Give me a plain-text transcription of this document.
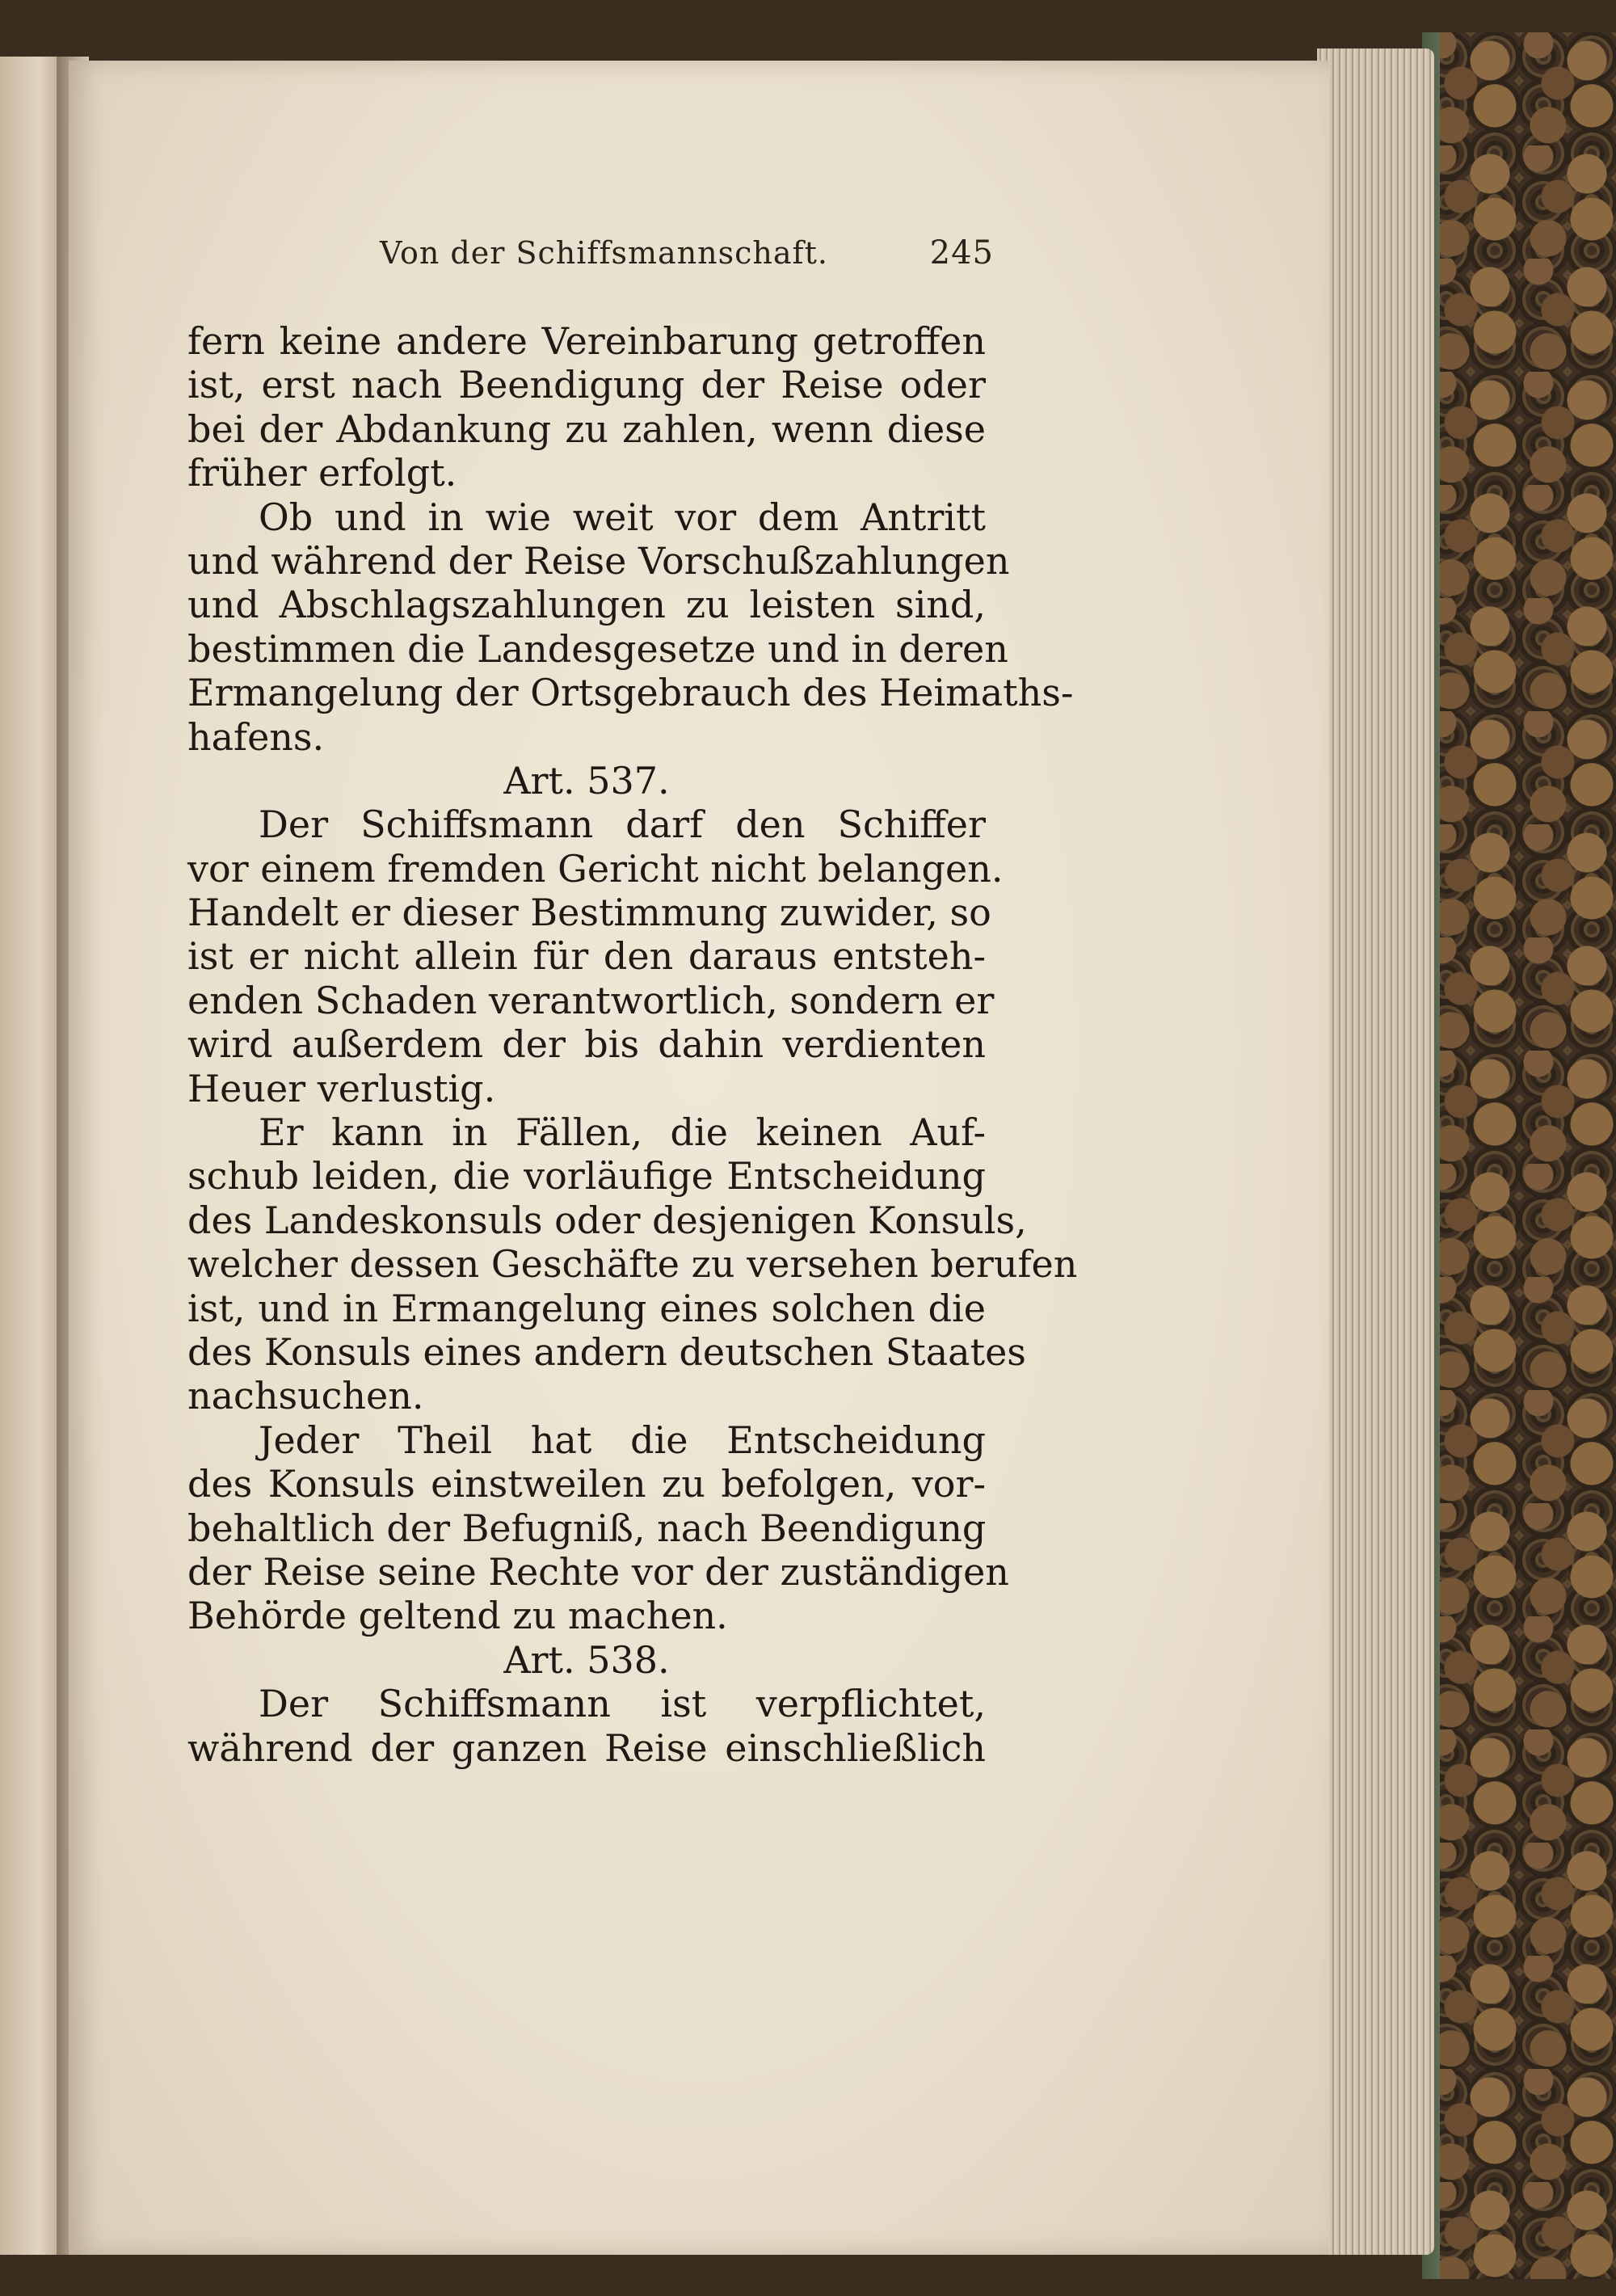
Von der Schiffsmannschaft.	245
fern keine andere Vereinbarung getroffen
ist, erst nach Beendigung der Reise oder
bei der Abdankung zu zahlen, wenn diese
früher erfolgt.
Ob und in wie weit vor dem Antritt
und während der Reise Vorschußzahlungen
und Abschlagszahlungen zu leisten sind,
bestimmen die Landesgesetze und in deren
Ermangelung der Ortsgebrauch des Heimaths-
hafens.
Art. 537.
Der Schiffsmann darf den Schiffer
vor einem fremden Gericht nicht belangen.
Handelt er dieser Bestimmung zuwider, so
ist er nicht allein für den daraus entsteh-
enden Schaden verantwortlich, sondern er
wird außerdem der bis dahin verdienten
Heuer verlustig.
Er kann in Fällen, die keinen Auf-
schub leiden, die vorläufige Entscheidung
des Landeskonsuls oder desjenigen Konsuls,
welcher dessen Geschäfte zu versehen berufen
ist, und in Ermangelung eines solchen die
des Konsuls eines andern deutschen Staates
nachsuchen.
Jeder Theil hat die Entscheidung
des Konsuls einstweilen zu befolgen, vor-
behaltlich der Befugniß, nach Beendigung
der Reise seine Rechte vor der zuständigen
Behörde geltend zu machen.
Art. 538.
Der Schiffsmann ist verpflichtet,
während der ganzen Reise einschließlich
